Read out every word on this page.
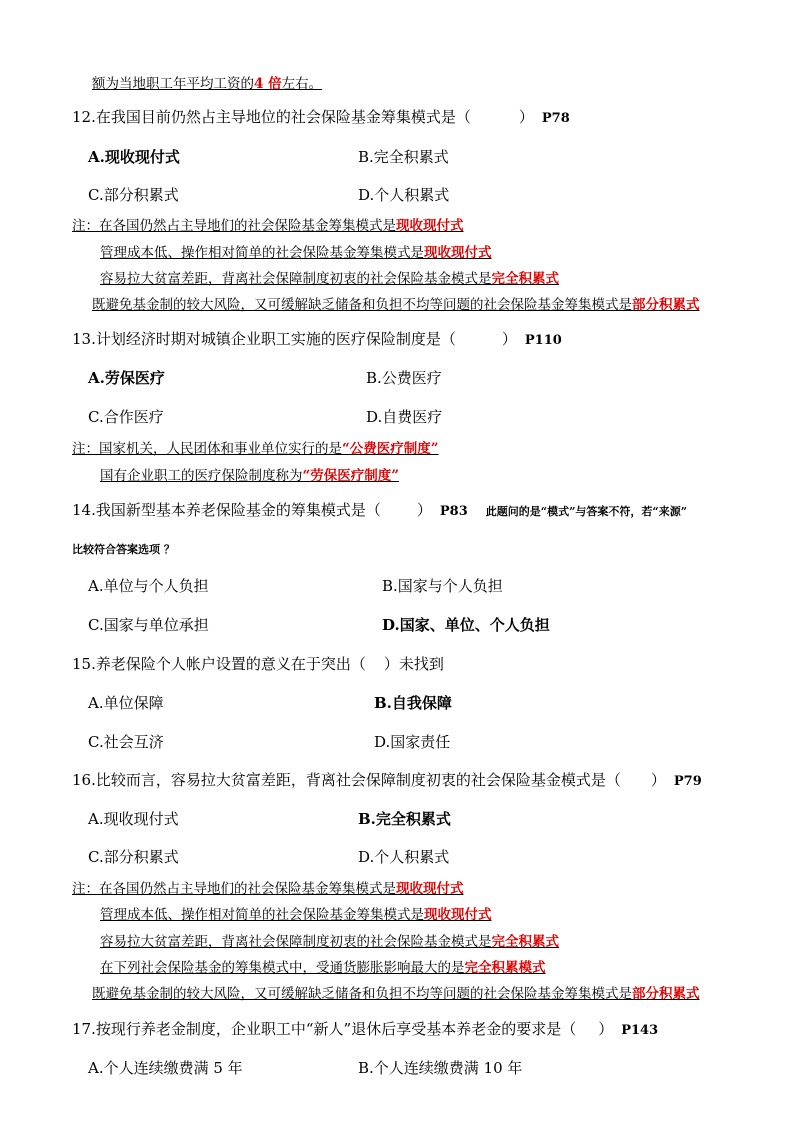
额为当地职工年平均工资的4 倍左右。
12.在我国目前仍然占主导地位的社会保险基金筹集模式是（	） P78
A.现收现付式	B.完全积累式
C.部分积累式	D.个人积累式
注：在各国仍然占主导地们的社会保险基金筹集模式是现收现付式
管理成本低、操作相对简单的社会保险基金筹集模式是现收现付式
容易拉大贫富差距，背离社会保障制度初衷的社会保险基金模式是完全积累式
既避免基金制的较大风险，又可缓解缺乏储备和负担不均等问题的社会保险基金筹集模式是部分积累式
13.计划经济时期对城镇企业职工实施的医疗保险制度是（	） P110
A.劳保医疗	B.公费医疗
C.合作医疗	D.自费医疗
注：国家机关，人民团体和事业单位实行的是“公费医疗制度”
国有企业职工的医疗保险制度称为“劳保医疗制度”
14.我国新型基本养老保险基金的筹集模式是（ ） P83 此题问的是“模式”与答案不符，若“来源”
比较符合答案选项 ？
A.单位与个人负担	B.国家与个人负担
C.国家与单位承担	D.国家、单位、个人负担
15.养老保险个人帐户设置的意义在于突出（ ）未找到
A.单位保障	B.自我保障
C.社会互济	D.国家责任
16.比较而言，容易拉大贫富差距，背离社会保障制度初衷的社会保险基金模式是（ ） P79
A.现收现付式	B.完全积累式
C.部分积累式	D.个人积累式
注：在各国仍然占主导地们的社会保险基金筹集模式是现收现付式
管理成本低、操作相对简单的社会保险基金筹集模式是现收现付式
容易拉大贫富差距，背离社会保障制度初衷的社会保险基金模式是完全积累式
在下列社会保险基金的筹集模式中，受通货膨胀影响最大的是完全积累模式
既避免基金制的较大风险，又可缓解缺乏储备和负担不均等问题的社会保险基金筹集模式是部分积累式
17.按现行养老金制度，企业职工中“新人”退休后享受基本养老金的要求是（ ） P143
A.个人连续缴费满 5 年	B.个人连续缴费满 10 年
